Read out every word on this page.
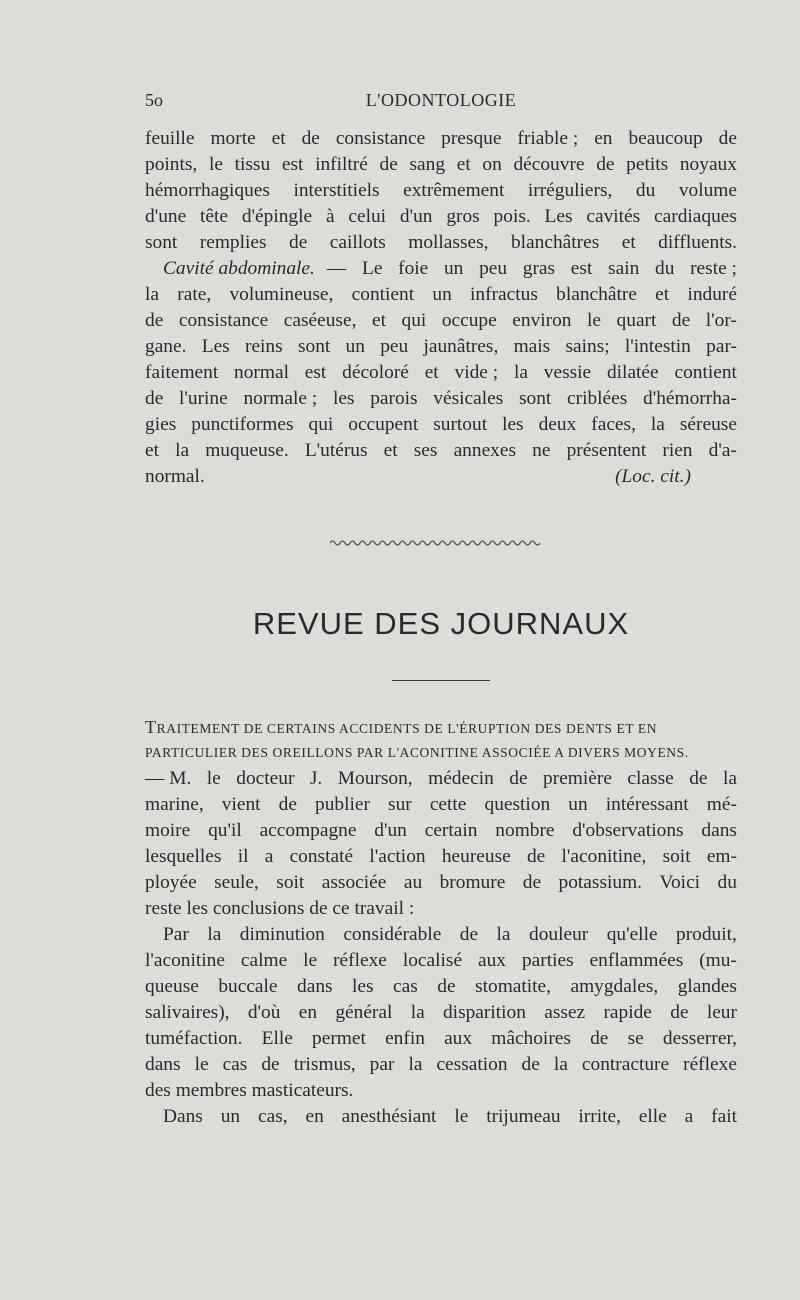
5o	L'ODONTOLOGIE
feuille morte et de consistance presque friable ; en beaucoup de
points, le tissu est infiltré de sang et on découvre de petits noyaux
hémorrhagiques interstitiels extrêmement irréguliers, du volume
d'une tête d'épingle à celui d'un gros pois. Les cavités cardiaques
sont remplies de caillots mollasses, blanchâtres et diffluents.
Cavité abdominale. — Le foie un peu gras est sain du reste ;
la rate, volumineuse, contient un infractus blanchâtre et induré
de consistance caséeuse, et qui occupe environ le quart de l'or-
gane. Les reins sont un peu jaunâtres, mais sains; l'intestin par-
faitement normal est décoloré et vide ; la vessie dilatée contient
de l'urine normale ; les parois vésicales sont criblées d'hémorrha-
gies punctiformes qui occupent surtout les deux faces, la séreuse
et la muqueuse. L'utérus et ses annexes ne présentent rien d'a-
normal.	(Loc. cit.)
REVUE DES JOURNAUX
TRAITEMENT DE CERTAINS ACCIDENTS DE L'ÉRUPTION DES DENTS ET EN
PARTICULIER DES OREILLONS PAR L'ACONITINE ASSOCIÉE A DIVERS MOYENS.
— M. le docteur J. Mourson, médecin de première classe de la
marine, vient de publier sur cette question un intéressant mé-
moire qu'il accompagne d'un certain nombre d'observations dans
lesquelles il a constaté l'action heureuse de l'aconitine, soit em-
ployée seule, soit associée au bromure de potassium. Voici du
reste les conclusions de ce travail :
Par la diminution considérable de la douleur qu'elle produit,
l'aconitine calme le réflexe localisé aux parties enflammées (mu-
queuse buccale dans les cas de stomatite, amygdales, glandes
salivaires), d'où en général la disparition assez rapide de leur
tuméfaction. Elle permet enfin aux mâchoires de se desserrer,
dans le cas de trismus, par la cessation de la contracture réflexe
des membres masticateurs.
Dans un cas, en anesthésiant le trijumeau irrite, elle a fait
